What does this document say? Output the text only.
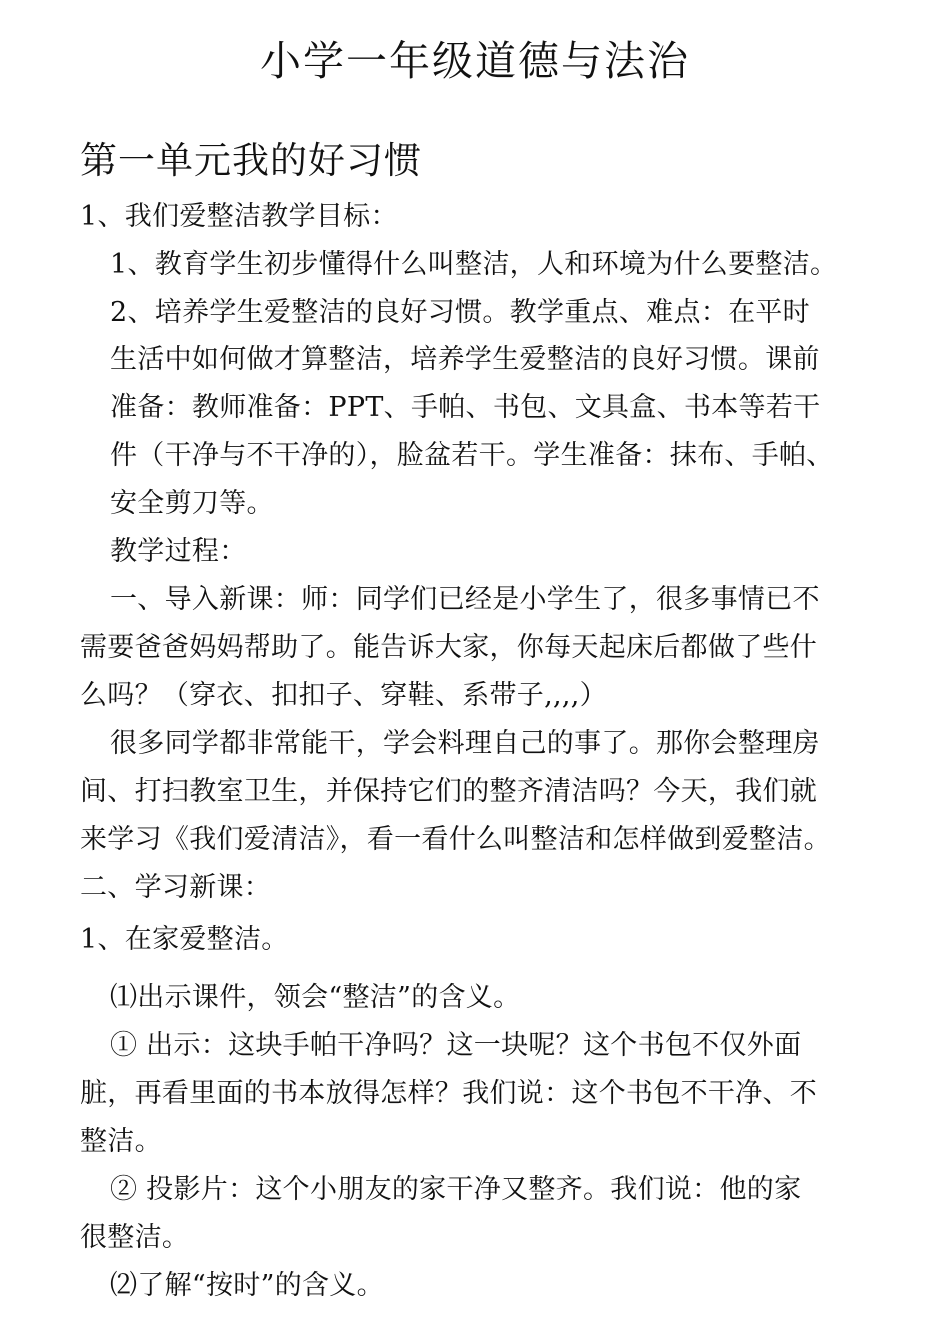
小学一年级道德与法治
第一单元我的好习惯
1、我们爱整洁教学目标：
1、教育学生初步懂得什么叫整洁，人和环境为什么要整洁。
2、培养学生爱整洁的良好习惯。教学重点、难点：在平时
生活中如何做才算整洁，培养学生爱整洁的良好习惯。课前
准备：教师准备：PPT、手帕、书包、文具盒、书本等若干
件（干净与不干净的），脸盆若干。学生准备：抹布、手帕、
安全剪刀等。
教学过程：
一、导入新课：师：同学们已经是小学生了，很多事情已不
需要爸爸妈妈帮助了。能告诉大家，你每天起床后都做了些什
么吗？（穿衣、扣扣子、穿鞋、系带子,,,,）
很多同学都非常能干，学会料理自己的事了。那你会整理房
间、打扫教室卫生，并保持它们的整齐清洁吗？今天，我们就
来学习《我们爱清洁》，看一看什么叫整洁和怎样做到爱整洁。
二、学习新课：
1、在家爱整洁。
⑴出示课件，领会“整洁”的含义。
① 出示：这块手帕干净吗？这一块呢？这个书包不仅外面
脏，再看里面的书本放得怎样？我们说：这个书包不干净、不
整洁。
② 投影片：这个小朋友的家干净又整齐。我们说：他的家
很整洁。
⑵了解“按时”的含义。
